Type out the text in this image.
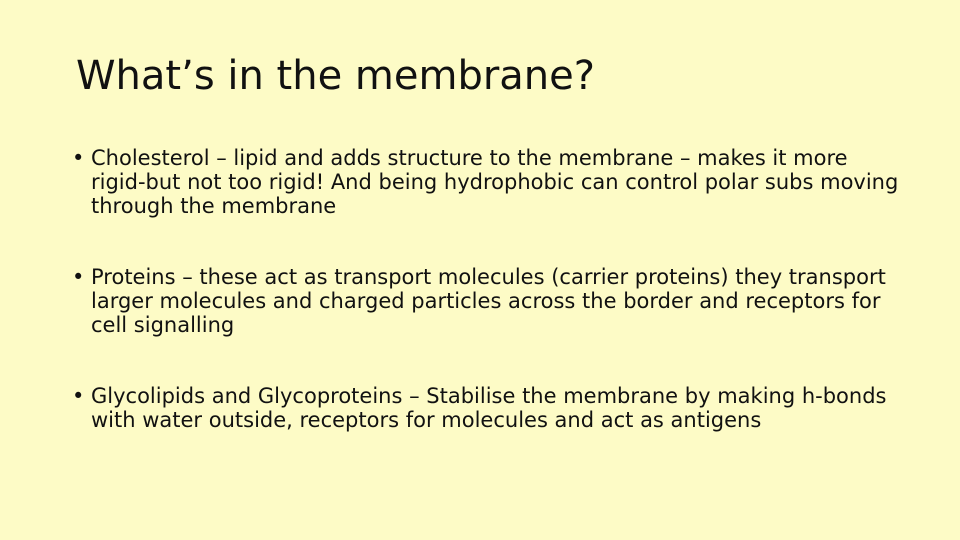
What’s in the membrane?
• Cholesterol – lipid and adds structure to the membrane – makes it more rigid-but not too rigid! And being hydrophobic can control polar subs moving through the membrane
• Proteins – these act as transport molecules (carrier proteins) they transport larger molecules and charged particles across the border and receptors for cell signalling
• Glycolipids and Glycoproteins – Stabilise the membrane by making h-bonds with water outside, receptors for molecules and act as antigens
